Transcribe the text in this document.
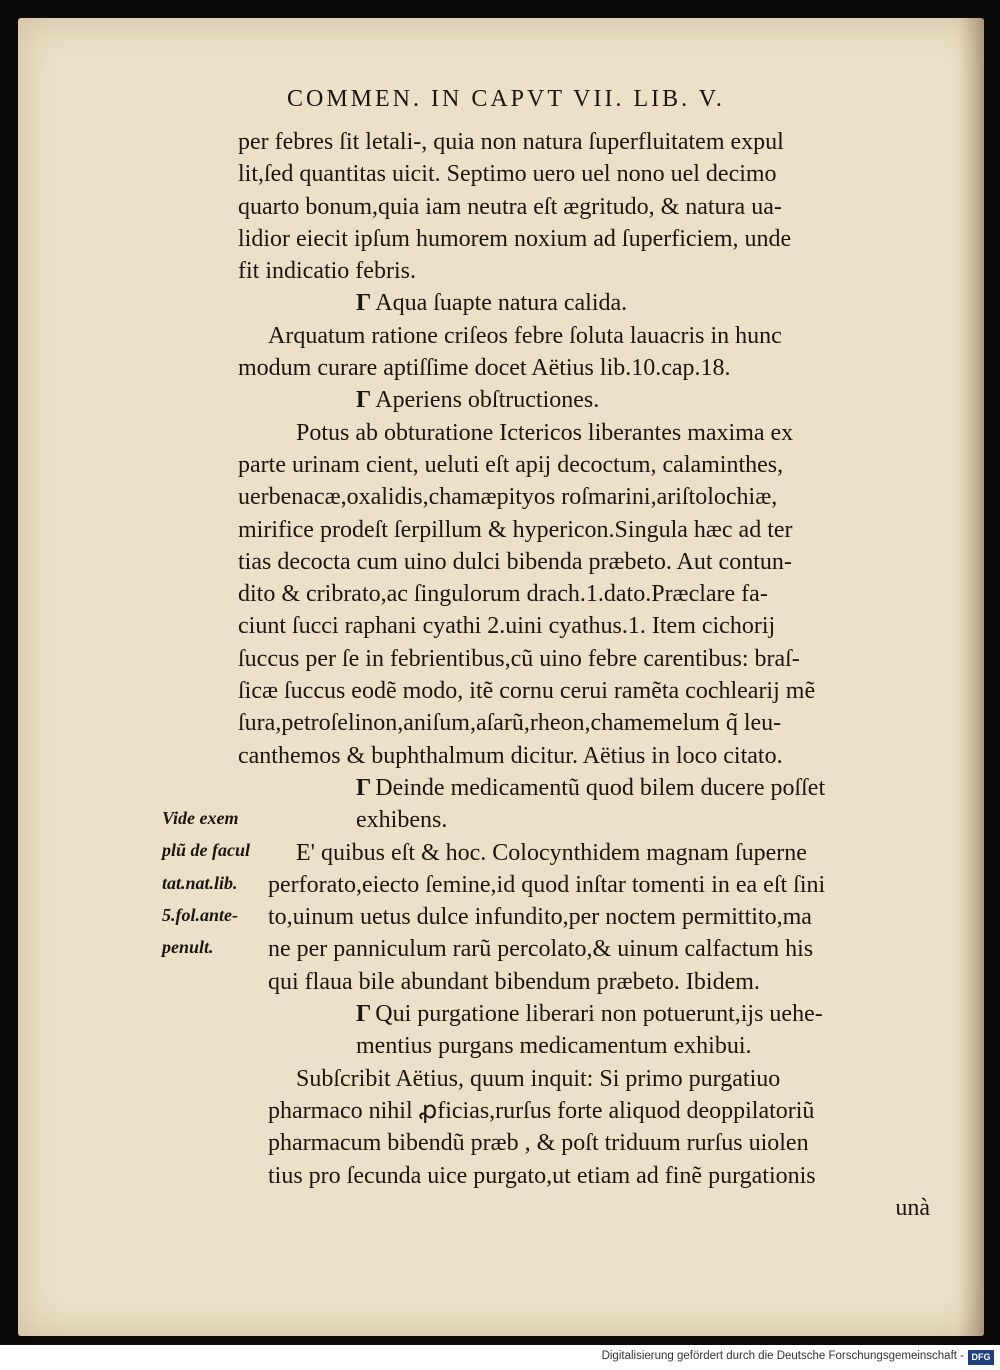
COMMEN. IN CAPVT VII. LIB. V.
per febres ſit letali-, quia non natura ſuperfluitatem expul
lit,ſed quantitas uicit. Septimo uero uel nono uel decimo
quarto bonum,quia iam neutra eſt ægritudo, & natura ua-
lidior eiecit ipſum humorem noxium ad ſuperficiem, unde
fit indicatio febris.
Γ Aqua ſuapte natura calida.
Arquatum ratione criſeos febre ſoluta lauacris in hunc
modum curare aptiſſime docet Aëtius lib.10.cap.18.
Γ Aperiens obſtructiones.
Potus ab obturatione Ictericos liberantes maxima ex
parte urinam cient, ueluti eſt apij decoctum, calaminthes,
uerbenacæ,oxalidis,chamæpityos roſmarini,ariſtolochiæ,
mirifice prodeſt ſerpillum & hypericon.Singula hæc ad ter
tias decocta cum uino dulci bibenda præbeto. Aut contun-
dito & cribrato,ac ſingulorum drach.1.dato.Præclare fa-
ciunt ſucci raphani cyathi 2.uini cyathus.1. Item cichorij
ſuccus per ſe in febrientibus,cũ uino febre carentibus: braſ-
ſicæ ſuccus eodẽ modo, itẽ cornu cerui ramẽta cochlearij mẽ
ſura,petroſelinon,aniſum,aſarũ,rheon,chamemelum q̃ leu-
canthemos & buphthalmum dicitur. Aëtius in loco citato.
Γ Deinde medicamentũ quod bilem ducere poſſet
exhibens.
E' quibus eſt & hoc. Colocynthidem magnam ſuperne
perforato,eiecto ſemine,id quod inſtar tomenti in ea eſt ſini
to,uinum uetus dulce infundito,per noctem permittito,ma
ne per panniculum rarũ percolato,& uinum calfactum his
qui flaua bile abundant bibendum præbeto. Ibidem.
Γ Qui purgatione liberari non potuerunt,ijs uehe-
mentius purgans medicamentum exhibui.
Subſcribit Aëtius, quum inquit: Si primo purgatiuo
pharmaco nihil ꝓficias,rurſus forte aliquod deoppilatoriũ
pharmacum bibendũ præb , & poſt triduum rurſus uiolen
tius pro ſecunda uice purgato,ut etiam ad finẽ purgationis
unà
Vide exem
plũ de facul
tat.nat.lib.
5.fol.ante-
penult.
Digitalisierung gefördert durch die Deutsche Forschungsgemeinschaft - DFG
